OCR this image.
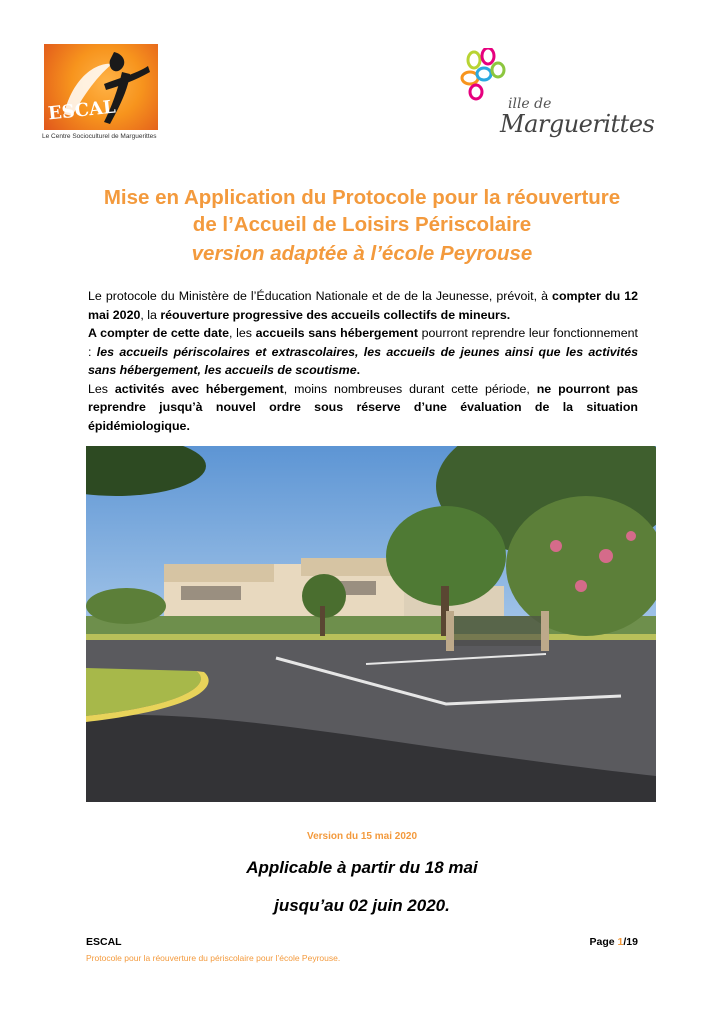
ESCAL
Le Centre Socioculturel de Marguerittes
ille de
Marguerittes
Mise en Application du Protocole pour la réouverture
de l’Accueil de Loisirs Périscolaire
version adaptée à l’école Peyrouse

Le protocole du Ministère de l’Éducation Nationale et de de la Jeunesse, prévoit, à compter du 12 mai 2020, la réouverture progressive des accueils collectifs de mineurs.

A compter de cette date, les accueils sans hébergement pourront reprendre leur fonctionnement : les accueils périscolaires et extrascolaires, les accueils de jeunes ainsi que les activités sans hébergement, les accueils de scoutisme.

Les activités avec hébergement, moins nombreuses durant cette période, ne pourront pas reprendre jusqu’à nouvel ordre sous réserve d’une évaluation de la situation épidémiologique.

Version du 15 mai 2020
Applicable à partir du 18 mai
jusqu’au 02 juin 2020.
ESCAL
Protocole pour la réouverture du périscolaire pour l’école Peyrouse.
Page 1/19
